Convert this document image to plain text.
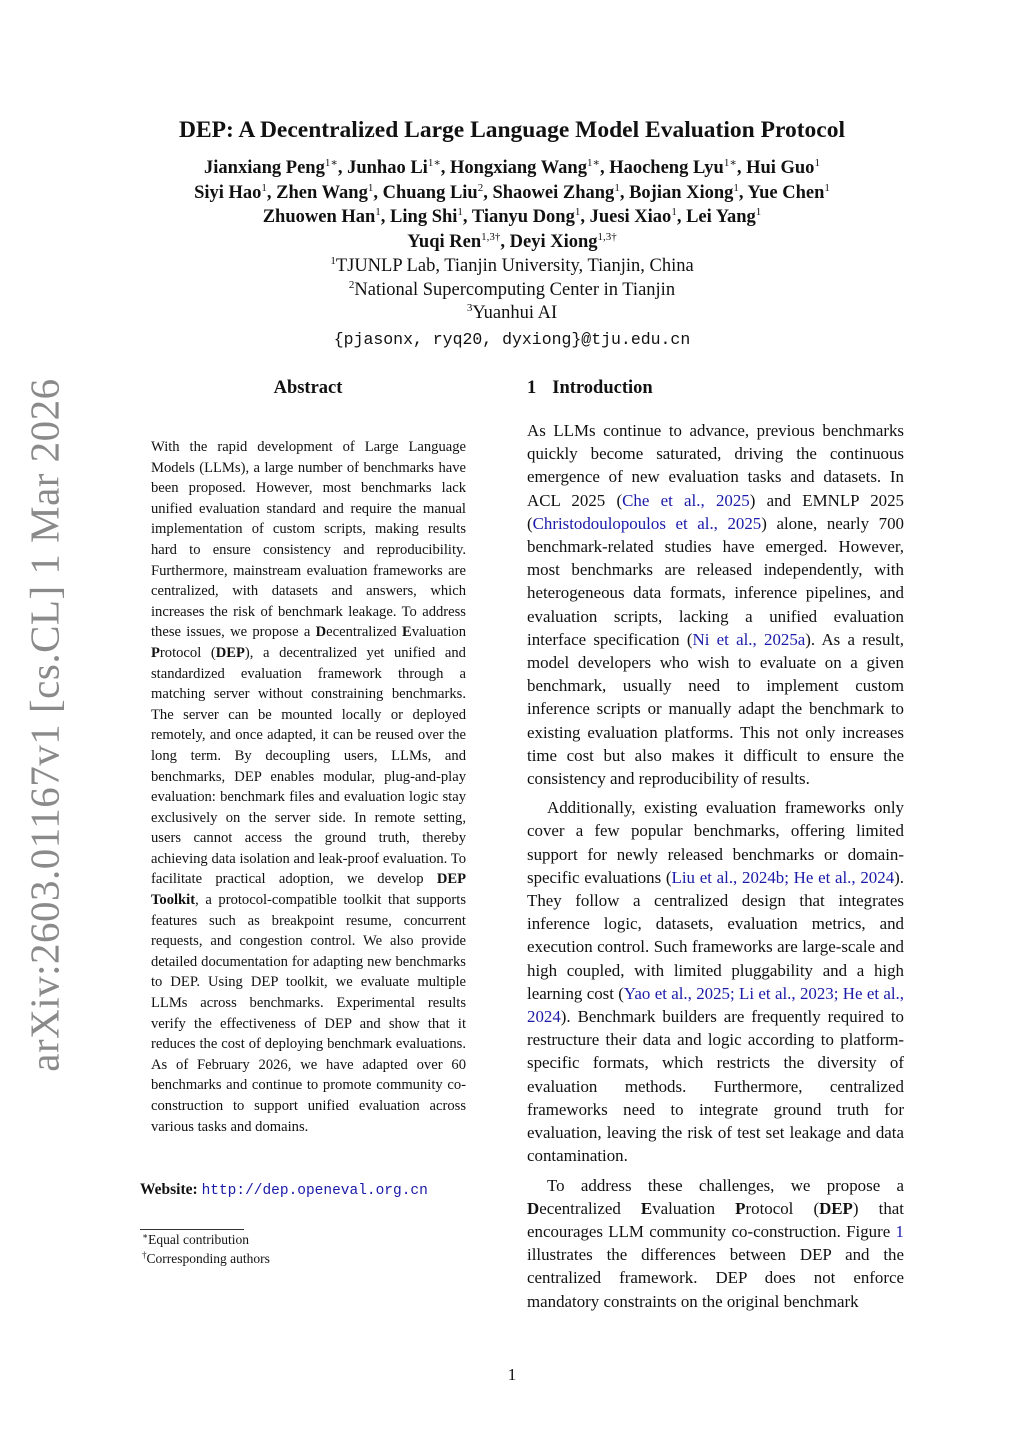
arXiv:2603.01167v1 [cs.CL] 1 Mar 2026
DEP: A Decentralized Large Language Model Evaluation Protocol
Jianxiang Peng$^{1∗}$, Junhao $Li^{1∗}$, Hongxiang Wang$^{1∗}$, Haocheng Lyu$^{1∗}$, Hui Guo$^1$
Siyi Hao$^1$, Zhen Wang$^1$, Chuang Liu$^2$, Shaowei Zhang$^1$, Bojian Xiong$^1$, Yue Chen$^1$
Zhuowen Han$^1$, Ling Shi$^1$, Tianyu Dong$^1$, Juesi Xiao$^1$, Lei Yang$^1$
Yuqi Ren$^{1,3\dagger}$, Deyi Xiong$^{1,3\dagger}$
$^1$TJUNLP Lab, Tianjin University, Tianjin, China
$^2$National Supercomputing Center in Tianjin
$^3$Yuanhui AI
{pjasonx, ryq20, dyxiong}@tju.edu.cn
Abstract
With the rapid development of Large Language Models (LLMs), a large number of benchmarks have been proposed. However, most benchmarks lack unified evaluation standard and require the manual implementation of custom scripts, making results hard to ensure consistency and reproducibility. Furthermore, mainstream evaluation frameworks are centralized, with datasets and answers, which increases the risk of benchmark leakage. To address these issues, we propose a Decentralized Evaluation Protocol (DEP), a decentralized yet unified and standardized evaluation framework through a matching server without constraining benchmarks. The server can be mounted locally or deployed remotely, and once adapted, it can be reused over the long term. By decoupling users, LLMs, and benchmarks, DEP enables modular, plug-and-play evaluation: benchmark files and evaluation logic stay exclusively on the server side. In remote setting, users cannot access the ground truth, thereby achieving data isolation and leak-proof evaluation. To facilitate practical adoption, we develop DEP Toolkit, a protocol-compatible toolkit that supports features such as breakpoint resume, concurrent requests, and congestion control. We also provide detailed documentation for adapting new benchmarks to DEP. Using DEP toolkit, we evaluate multiple LLMs across benchmarks. Experimental results verify the effectiveness of DEP and show that it reduces the cost of deploying benchmark evaluations. As of February 2026, we have adapted over 60 benchmarks and continue to promote community co-construction to support unified evaluation across various tasks and domains.
Website: http://dep.openeval.org.cn
∗Equal contribution
†Corresponding authors
1 Introduction

As LLMs continue to advance, previous benchmarks quickly become saturated, driving the continuous emergence of new evaluation tasks and datasets. In ACL 2025 (Che et al., 2025) and EMNLP 2025 (Christodoulopoulos et al., 2025) alone, nearly 700 benchmark-related studies have emerged. However, most benchmarks are released independently, with heterogeneous data formats, inference pipelines, and evaluation scripts, lacking a unified evaluation interface specification (Ni et al., 2025a). As a result, model developers who wish to evaluate on a given benchmark, usually need to implement custom inference scripts or manually adapt the benchmark to existing evaluation platforms. This not only increases time cost but also makes it difficult to ensure the consistency and reproducibility of results.

Additionally, existing evaluation frameworks only cover a few popular benchmarks, offering limited support for newly released benchmarks or domain-specific evaluations (Liu et al., 2024b; He et al., 2024). They follow a centralized design that integrates inference logic, datasets, evaluation metrics, and execution control. Such frameworks are large-scale and high coupled, with limited pluggability and a high learning cost (Yao et al., 2025; Li et al., 2023; He et al., 2024). Benchmark builders are frequently required to restructure their data and logic according to platform-specific formats, which restricts the diversity of evaluation methods. Furthermore, centralized frameworks need to integrate ground truth for evaluation, leaving the risk of test set leakage and data contamination.

To address these challenges, we propose a Decentralized Evaluation Protocol (DEP) that encourages LLM community co-construction. Figure 1 illustrates the differences between DEP and the centralized framework. DEP does not enforce mandatory constraints on the original benchmark

1
